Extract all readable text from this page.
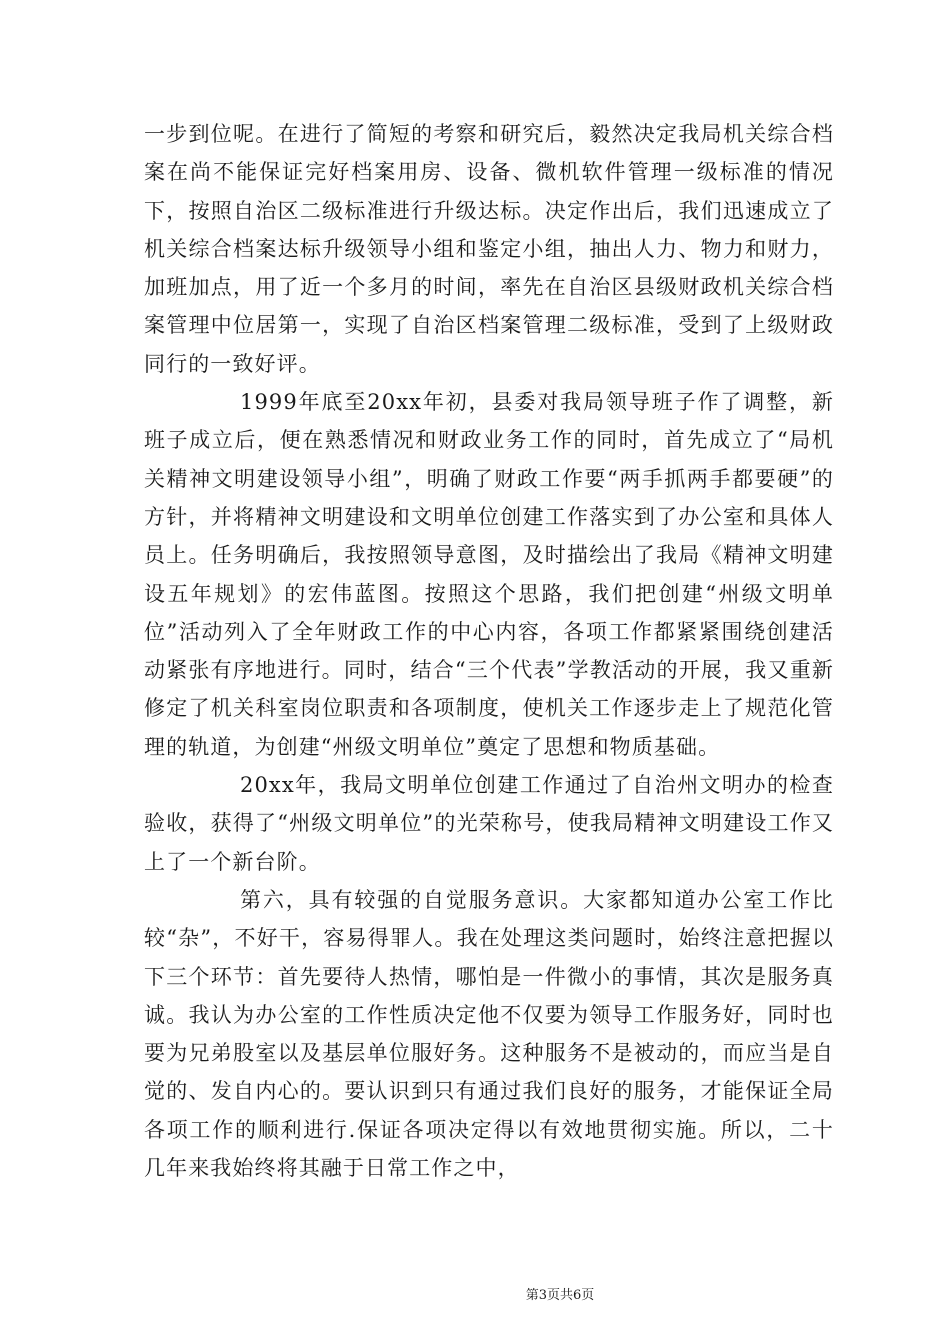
一步到位呢。在进行了简短的考察和研究后，毅然决定我局机关综合档案在尚不能保证完好档案用房、设备、微机软件管理一级标准的情况下，按照自治区二级标准进行升级达标。决定作出后，我们迅速成立了机关综合档案达标升级领导小组和鉴定小组，抽出人力、物力和财力，加班加点，用了近一个多月的时间，率先在自治区县级财政机关综合档案管理中位居第一，实现了自治区档案管理二级标准，受到了上级财政同行的一致好评。

1999年底至20xx年初，县委对我局领导班子作了调整，新班子成立后，便在熟悉情况和财政业务工作的同时，首先成立了“局机关精神文明建设领导小组”，明确了财政工作要“两手抓两手都要硬”的方针，并将精神文明建设和文明单位创建工作落实到了办公室和具体人员上。任务明确后，我按照领导意图，及时描绘出了我局《精神文明建设五年规划》的宏伟蓝图。按照这个思路，我们把创建“州级文明单位”活动列入了全年财政工作的中心内容，各项工作都紧紧围绕创建活动紧张有序地进行。同时，结合“三个代表”学教活动的开展，我又重新修定了机关科室岗位职责和各项制度，使机关工作逐步走上了规范化管理的轨道，为创建“州级文明单位”奠定了思想和物质基础。

20xx年，我局文明单位创建工作通过了自治州文明办的检查验收，获得了“州级文明单位”的光荣称号，使我局精神文明建设工作又上了一个新台阶。

第六，具有较强的自觉服务意识。大家都知道办公室工作比较“杂”，不好干，容易得罪人。我在处理这类问题时，始终注意把握以下三个环节：首先要待人热情，哪怕是一件微小的事情，其次是服务真诚。我认为办公室的工作性质决定他不仅要为领导工作服务好，同时也要为兄弟股室以及基层单位服好务。这种服务不是被动的，而应当是自觉的、发自内心的。要认识到只有通过我们良好的服务，才能保证全局各项工作的顺利进行.保证各项决定得以有效地贯彻实施。所以，二十几年来我始终将其融于日常工作之中，

第3页共6页
